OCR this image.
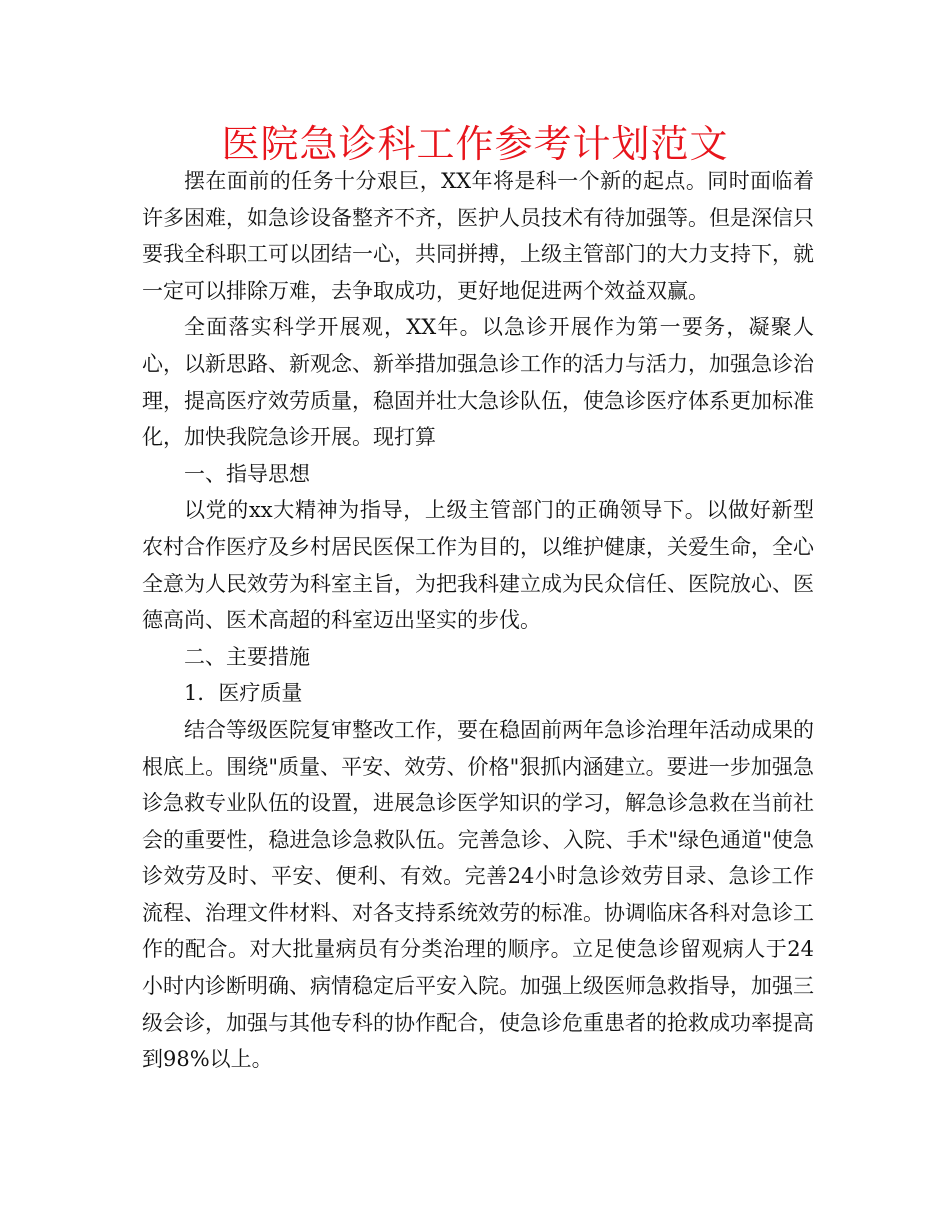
医院急诊科工作参考计划范文

摆在面前的任务十分艰巨，XX年将是科一个新的起点。同时面临着许多困难，如急诊设备整齐不齐，医护人员技术有待加强等。但是深信只要我全科职工可以团结一心，共同拼搏，上级主管部门的大力支持下，就一定可以排除万难，去争取成功，更好地促进两个效益双赢。

全面落实科学开展观，XX年。以急诊开展作为第一要务，凝聚人心，以新思路、新观念、新举措加强急诊工作的活力与活力，加强急诊治理，提高医疗效劳质量，稳固并壮大急诊队伍，使急诊医疗体系更加标准化，加快我院急诊开展。现打算

一、指导思想

以党的xx大精神为指导，上级主管部门的正确领导下。以做好新型农村合作医疗及乡村居民医保工作为目的，以维护健康，关爱生命，全心全意为人民效劳为科室主旨，为把我科建立成为民众信任、医院放心、医德高尚、医术高超的科室迈出坚实的步伐。

二、主要措施

1．医疗质量

结合等级医院复审整改工作，要在稳固前两年急诊治理年活动成果的根底上。围绕"质量、平安、效劳、价格"狠抓内涵建立。要进一步加强急诊急救专业队伍的设置，进展急诊医学知识的学习，解急诊急救在当前社会的重要性，稳进急诊急救队伍。完善急诊、入院、手术"绿色通道"使急诊效劳及时、平安、便利、有效。完善24小时急诊效劳目录、急诊工作流程、治理文件材料、对各支持系统效劳的标准。协调临床各科对急诊工作的配合。对大批量病员有分类治理的顺序。立足使急诊留观病人于24小时内诊断明确、病情稳定后平安入院。加强上级医师急救指导，加强三级会诊，加强与其他专科的协作配合，使急诊危重患者的抢救成功率提高到98%以上。
